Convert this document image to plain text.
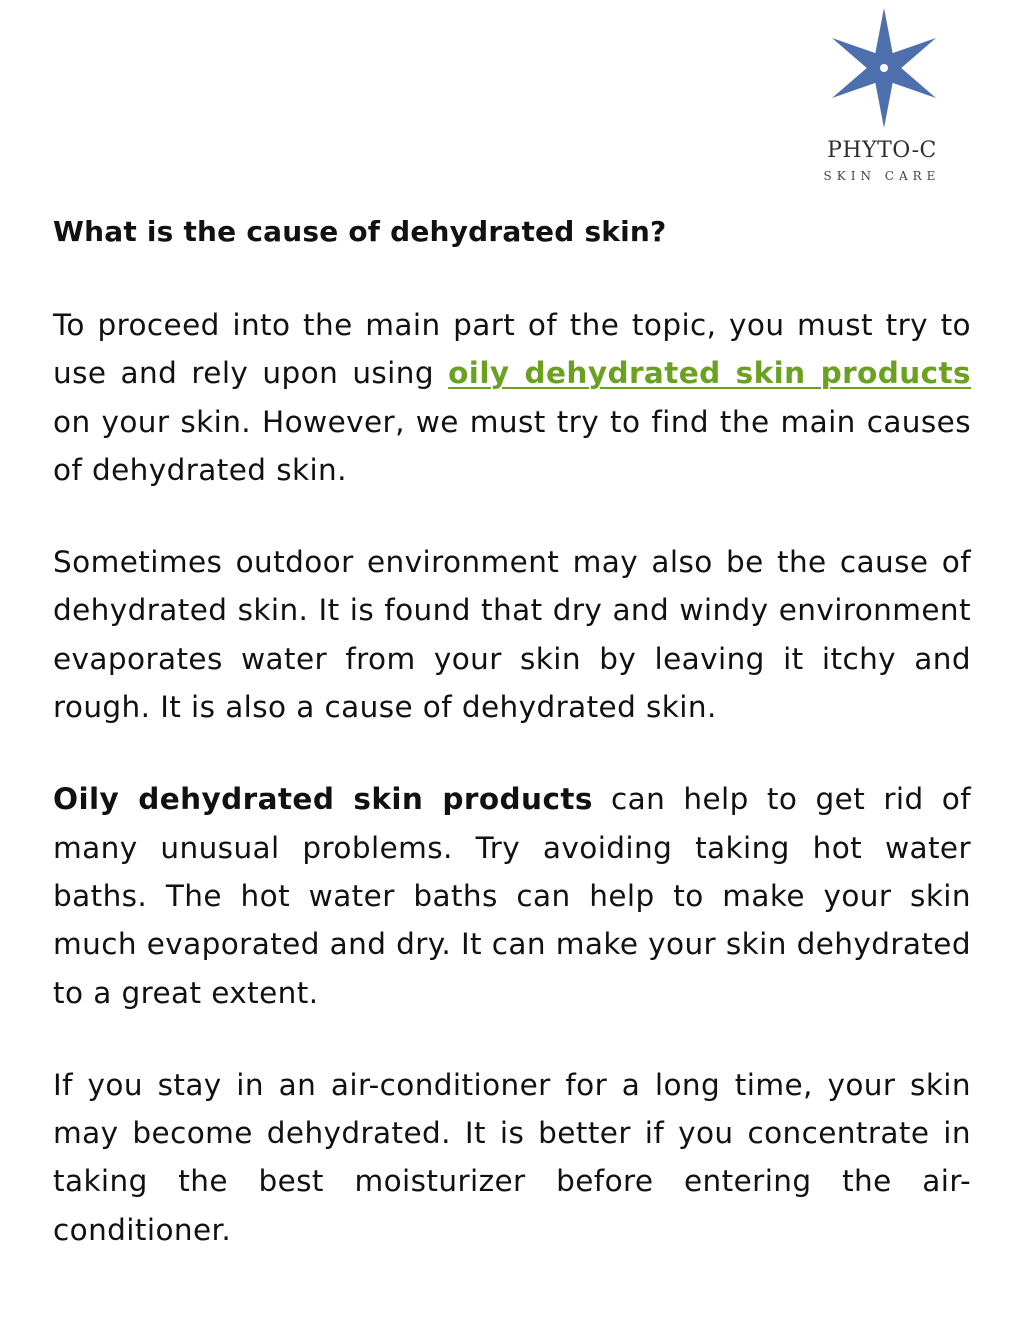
PHYTO-C
SKIN CARE
What is the cause of dehydrated skin?

To proceed into the main part of the topic, you must try to use and rely upon using oily dehydrated skin products on your skin. However, we must try to find the main causes of dehydrated skin.

Sometimes outdoor environment may also be the cause of dehydrated skin. It is found that dry and windy environment evaporates water from your skin by leaving it itchy and rough. It is also a cause of dehydrated skin.

Oily dehydrated skin products can help to get rid of many unusual problems. Try avoiding taking hot water baths. The hot water baths can help to make your skin much evaporated and dry. It can make your skin dehydrated to a great extent.

If you stay in an air-conditioner for a long time, your skin may become dehydrated. It is better if you concentrate in taking the best moisturizer before entering the air-conditioner.
